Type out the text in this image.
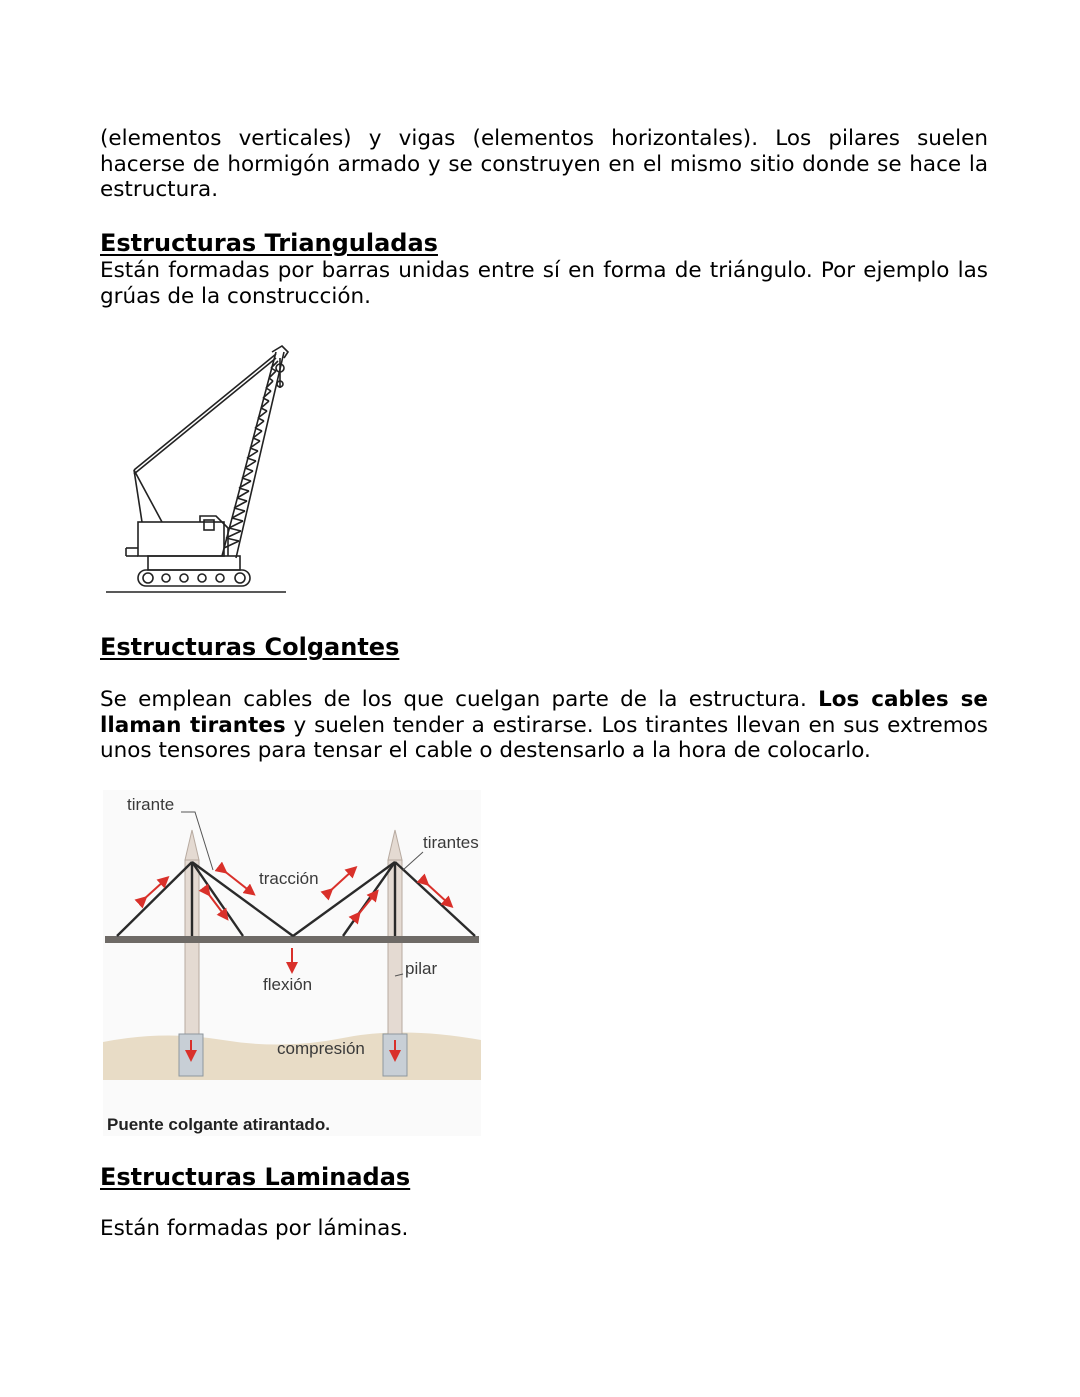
(elementos verticales) y vigas (elementos horizontales). Los pilares suelen hacerse de hormigón armado y se construyen en el mismo sitio donde se hace la estructura.

Estructuras Trianguladas

Están formadas por barras unidas entre sí en forma de triángulo. Por ejemplo las grúas de la construcción.

Estructuras Colgantes

Se emplean cables de los que cuelgan parte de la estructura. Los cables se llaman tirantes y suelen tender a estirarse. Los tirantes llevan en sus extremos unos tensores para tensar el cable o destensarlo a la hora de colocarlo.

tirante
tirantes
tracción
flexión
pilar
compresión
Puente colgante atirantado.
Estructuras Laminadas

Están formadas por láminas.
